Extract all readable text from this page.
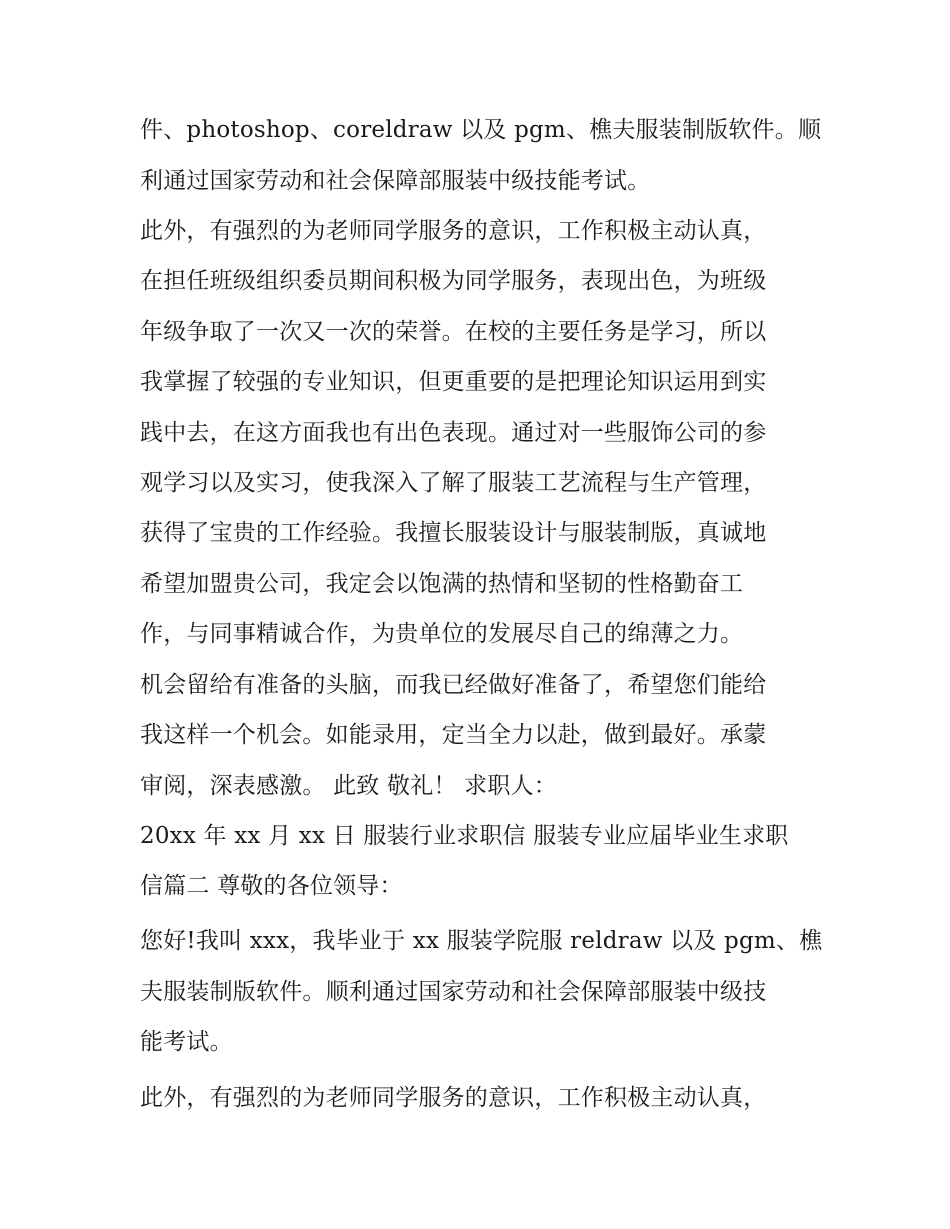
件、photoshop、coreldraw 以及 pgm、樵夫服装制版软件。顺
利通过国家劳动和社会保障部服装中级技能考试。
此外，有强烈的为老师同学服务的意识，工作积极主动认真，
在担任班级组织委员期间积极为同学服务，表现出色，为班级
年级争取了一次又一次的荣誉。在校的主要任务是学习，所以
我掌握了较强的专业知识，但更重要的是把理论知识运用到实
践中去，在这方面我也有出色表现。通过对一些服饰公司的参
观学习以及实习，使我深入了解了服装工艺流程与生产管理，
获得了宝贵的工作经验。我擅长服装设计与服装制版，真诚地
希望加盟贵公司，我定会以饱满的热情和坚韧的性格勤奋工
作，与同事精诚合作，为贵单位的发展尽自己的绵薄之力。
机会留给有准备的头脑，而我已经做好准备了，希望您们能给
我这样一个机会。如能录用，定当全力以赴，做到最好。承蒙
审阅，深表感激。 此致 敬礼！ 求职人：
20xx 年 xx 月 xx 日 服装行业求职信 服装专业应届毕业生求职
信篇二 尊敬的各位领导：
您好!我叫 xxx，我毕业于 xx 服装学院服 reldraw 以及 pgm、樵
夫服装制版软件。顺利通过国家劳动和社会保障部服装中级技
能考试。
此外，有强烈的为老师同学服务的意识，工作积极主动认真，
